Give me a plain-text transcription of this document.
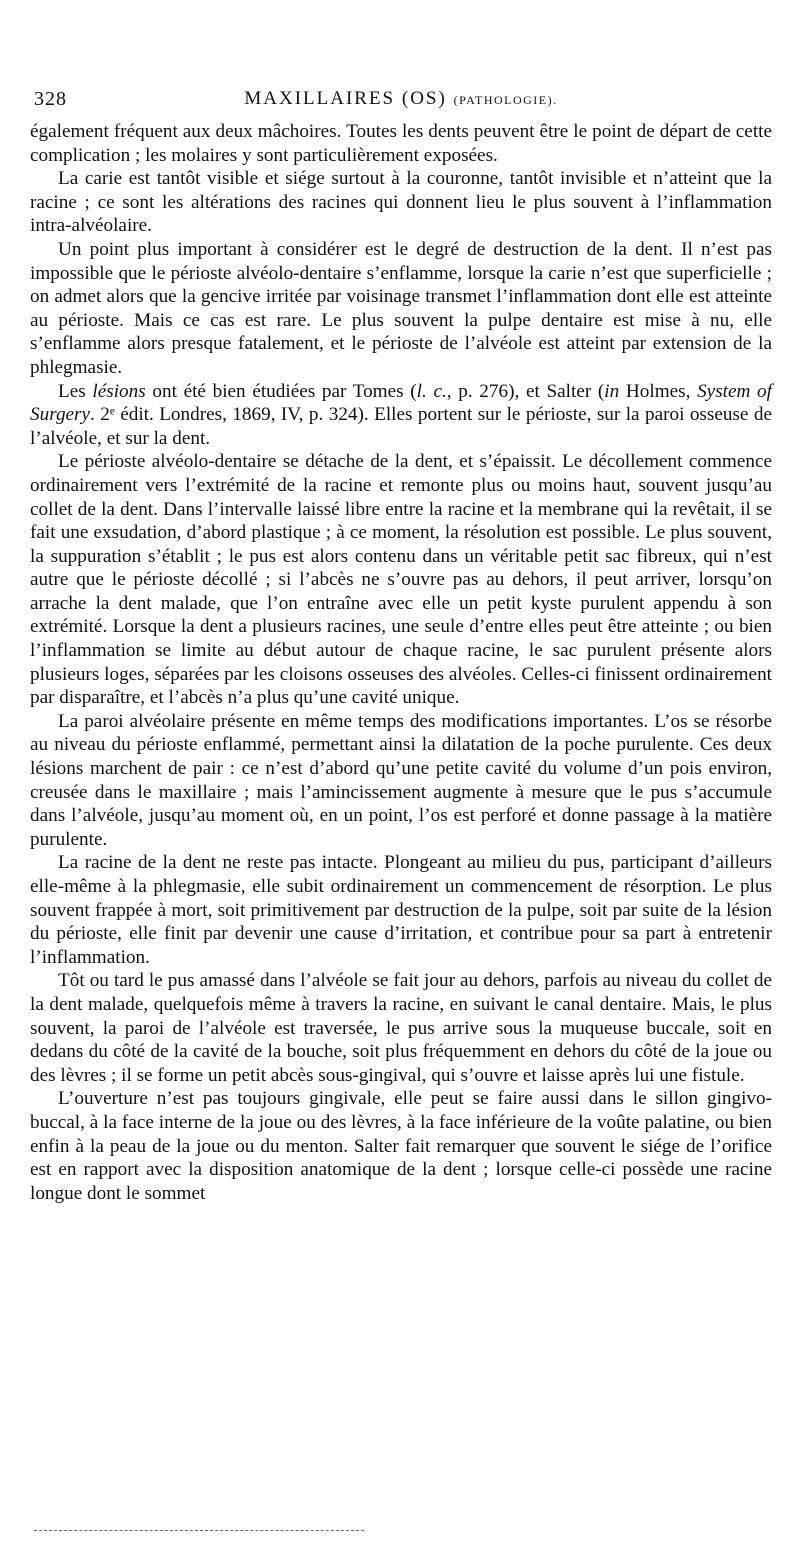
328	MAXILLAIRES (OS) (PATHOLOGIE).

également fréquent aux deux mâchoires. Toutes les dents peuvent être le point de départ de cette complication ; les molaires y sont particulièrement exposées.

La carie est tantôt visible et siége surtout à la couronne, tantôt invisible et n’atteint que la racine ; ce sont les altérations des racines qui donnent lieu le plus souvent à l’inflammation intra-alvéolaire.

Un point plus important à considérer est le degré de destruction de la dent. Il n’est pas impossible que le périoste alvéolo-dentaire s’enflamme, lorsque la carie n’est que superficielle ; on admet alors que la gencive irritée par voisinage transmet l’inflammation dont elle est atteinte au périoste. Mais ce cas est rare. Le plus souvent la pulpe dentaire est mise à nu, elle s’enflamme alors presque fatalement, et le périoste de l’alvéole est atteint par extension de la phlegmasie.

Les lésions ont été bien étudiées par Tomes (l. c., p. 276), et Salter (in Holmes, System of Surgery. 2ᵉ édit. Londres, 1869, IV, p. 324). Elles portent sur le périoste, sur la paroi osseuse de l’alvéole, et sur la dent.

Le périoste alvéolo-dentaire se détache de la dent, et s’épaissit. Le décollement commence ordinairement vers l’extrémité de la racine et remonte plus ou moins haut, souvent jusqu’au collet de la dent. Dans l’intervalle laissé libre entre la racine et la membrane qui la revêtait, il se fait une exsudation, d’abord plastique ; à ce moment, la résolution est possible. Le plus souvent, la suppuration s’établit ; le pus est alors contenu dans un véritable petit sac fibreux, qui n’est autre que le périoste décollé ; si l’abcès ne s’ouvre pas au dehors, il peut arriver, lorsqu’on arrache la dent malade, que l’on entraîne avec elle un petit kyste purulent appendu à son extrémité. Lorsque la dent a plusieurs racines, une seule d’entre elles peut être atteinte ; ou bien l’inflammation se limite au début autour de chaque racine, le sac purulent présente alors plusieurs loges, séparées par les cloisons osseuses des alvéoles. Celles-ci finissent ordinairement par disparaître, et l’abcès n’a plus qu’une cavité unique.

La paroi alvéolaire présente en même temps des modifications importantes. L’os se résorbe au niveau du périoste enflammé, permettant ainsi la dilatation de la poche purulente. Ces deux lésions marchent de pair : ce n’est d’abord qu’une petite cavité du volume d’un pois environ, creusée dans le maxillaire ; mais l’amincissement augmente à mesure que le pus s’accumule dans l’alvéole, jusqu’au moment où, en un point, l’os est perforé et donne passage à la matière purulente.

La racine de la dent ne reste pas intacte. Plongeant au milieu du pus, participant d’ailleurs elle-même à la phlegmasie, elle subit ordinairement un commencement de résorption. Le plus souvent frappée à mort, soit primitivement par destruction de la pulpe, soit par suite de la lésion du périoste, elle finit par devenir une cause d’irritation, et contribue pour sa part à entretenir l’inflammation.

Tôt ou tard le pus amassé dans l’alvéole se fait jour au dehors, parfois au niveau du collet de la dent malade, quelquefois même à travers la racine, en suivant le canal dentaire. Mais, le plus souvent, la paroi de l’alvéole est traversée, le pus arrive sous la muqueuse buccale, soit en dedans du côté de la cavité de la bouche, soit plus fréquemment en dehors du côté de la joue ou des lèvres ; il se forme un petit abcès sous-gingival, qui s’ouvre et laisse après lui une fistule.

L’ouverture n’est pas toujours gingivale, elle peut se faire aussi dans le sillon gingivo-buccal, à la face interne de la joue ou des lèvres, à la face inférieure de la voûte palatine, ou bien enfin à la peau de la joue ou du menton. Salter fait remarquer que souvent le siége de l’orifice est en rapport avec la disposition anatomique de la dent ; lorsque celle-ci possède une racine longue dont le sommet
